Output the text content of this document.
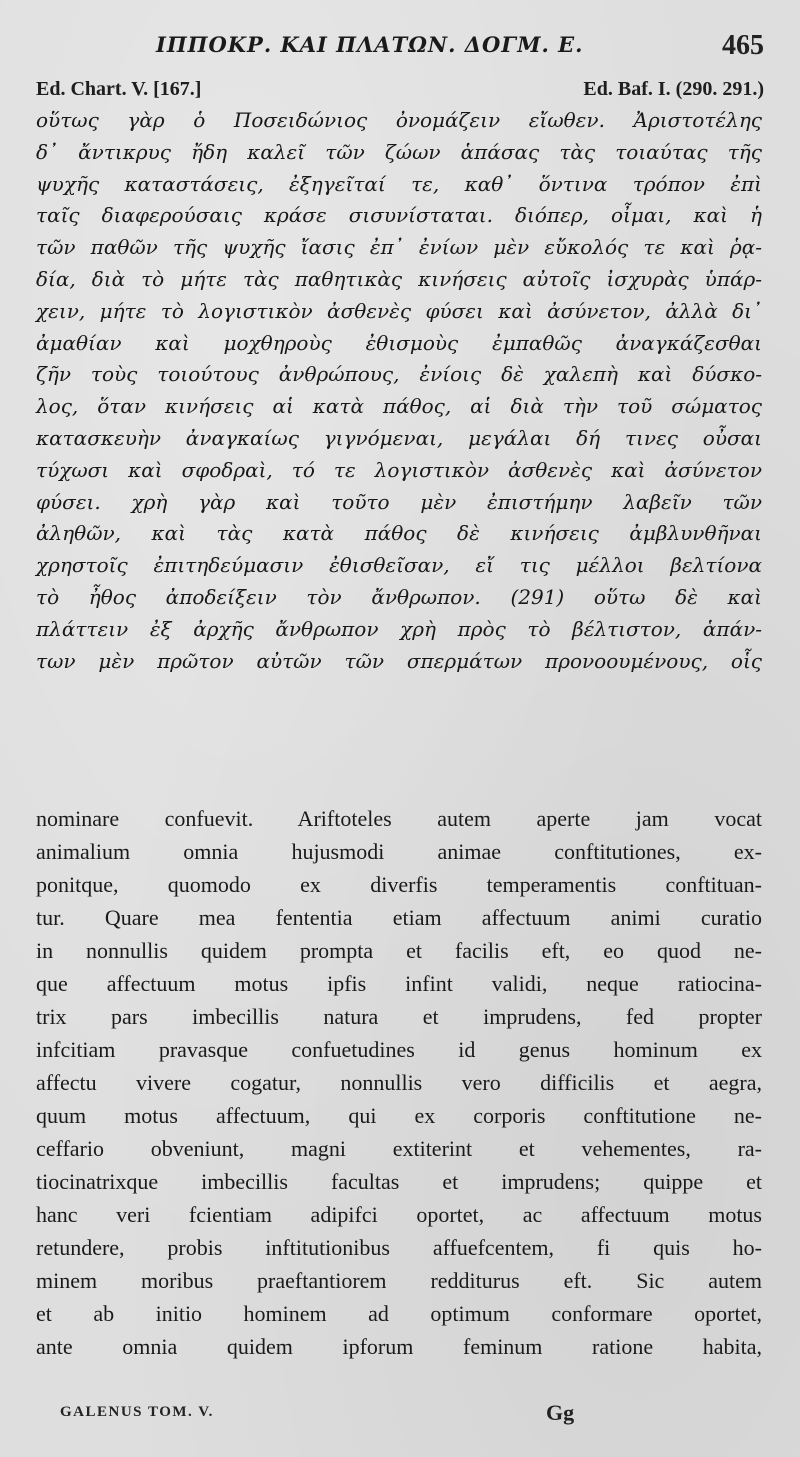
ΙΠΠΟΚΡ. ΚΑΙ ΠΛΑΤΩΝ. ΔΟΓΜ. Ε.	465
Ed. Chart. V. [167.]	Ed. Baf. I. (290. 291.)
οὕτως γὰρ ὁ Ποσειδώνιος ὀνομάζειν εἴωθεν. Ἀριστοτέλης
δ᾽ ἄντικρυς ἤδη καλεῖ τῶν ζώων ἁπάσας τὰς τοιαύτας τῆς
ψυχῆς καταστάσεις, ἐξηγεῖταί τε, καθ᾽ ὅντινα τρόπον ἐπὶ
ταῖς διαφερούσαις κράσε σισυνίσταται. διόπερ, οἶμαι, καὶ ἡ
τῶν παθῶν τῆς ψυχῆς ἴασις ἐπ᾽ ἐνίων μὲν εὔκολός τε καὶ ῥᾳ-
δία, διὰ τὸ μήτε τὰς παθητικὰς κινήσεις αὐτοῖς ἰσχυρὰς ὑπάρ-
χειν, μήτε τὸ λογιστικὸν ἀσθενὲς φύσει καὶ ἀσύνετον, ἀλλὰ δι᾽
ἀμαθίαν καὶ μοχθηροὺς ἐθισμοὺς ἐμπαθῶς ἀναγκάζεσθαι
ζῆν τοὺς τοιούτους ἀνθρώπους, ἐνίοις δὲ χαλεπὴ καὶ δύσκο-
λος, ὅταν κινήσεις αἱ κατὰ πάθος, αἱ διὰ τὴν τοῦ σώματος
κατασκευὴν ἀναγκαίως γιγνόμεναι, μεγάλαι δή τινες οὖσαι
τύχωσι καὶ σφοδραὶ, τό τε λογιστικὸν ἀσθενὲς καὶ ἀσύνετον
φύσει. χρὴ γὰρ καὶ τοῦτο μὲν ἐπιστήμην λαβεῖν τῶν
ἀληθῶν, καὶ τὰς κατὰ πάθος δὲ κινήσεις ἀμβλυνθῆναι
χρηστοῖς ἐπιτηδεύμασιν ἐθισθεῖσαν, εἴ τις μέλλοι βελτίονα
τὸ ἦθος ἀποδείξειν τὸν ἄνθρωπον. (291) οὕτω δὲ καὶ
πλάττειν ἐξ ἀρχῆς ἄνθρωπον χρὴ πρὸς τὸ βέλτιστον, ἁπάν-
των μὲν πρῶτον αὐτῶν τῶν σπερμάτων προνοουμένους, οἷς
nominare confuevit. Ariftoteles autem aperte jam vocat
animalium omnia hujusmodi animae conftitutiones, ex-
ponitque, quomodo ex diverfis temperamentis conftituan-
tur. Quare mea fententia etiam affectuum animi curatio
in nonnullis quidem prompta et facilis eft, eo quod ne-
que affectuum motus ipfis infint validi, neque ratiocina-
trix pars imbecillis natura et imprudens, fed propter
infcitiam pravasque confuetudines id genus hominum ex
affectu vivere cogatur, nonnullis vero difficilis et aegra,
quum motus affectuum, qui ex corporis conftitutione ne-
ceffario obveniunt, magni extiterint et vehementes, ra-
tiocinatrixque imbecillis facultas et imprudens; quippe et
hanc veri fcientiam adipifci oportet, ac affectuum motus
retundere, probis inftitutionibus affuefcentem, fi quis ho-
minem moribus praeftantiorem redditurus eft. Sic autem
et ab initio hominem ad optimum conformare oportet,
ante omnia quidem ipforum feminum ratione habita,
GALENUS TOM. V.	Gg
